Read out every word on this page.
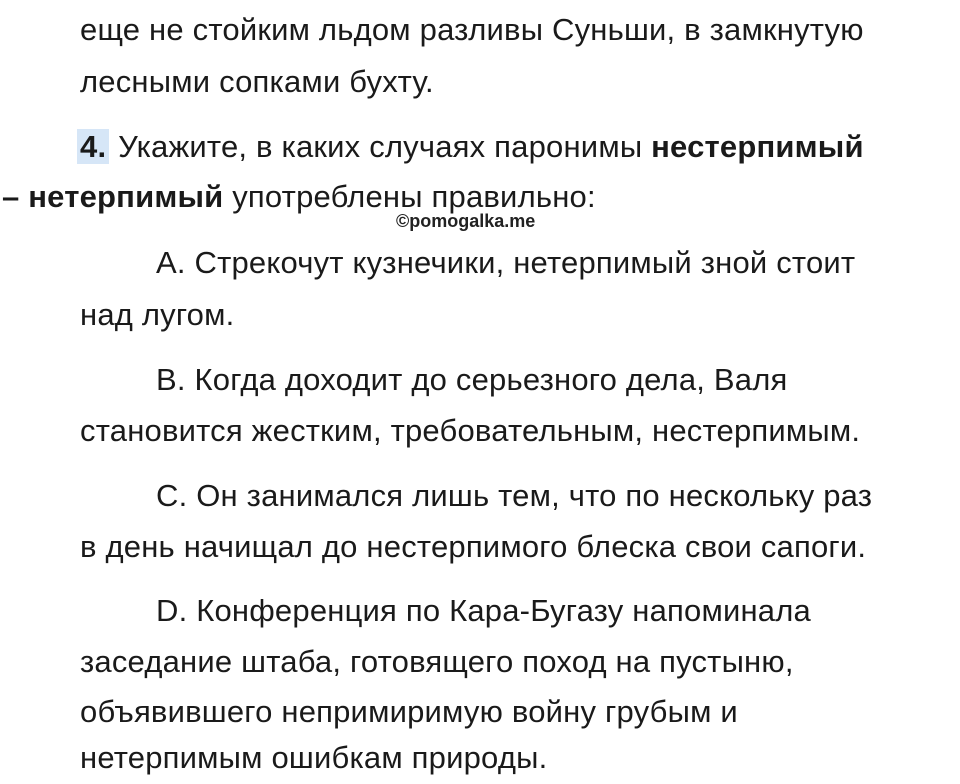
еще не стойким льдом разливы Суньши, в замкнутую
лесными сопками бухту.
4. Укажите, в каких случаях паронимы нестерпимый
– нетерпимый употреблены правильно:
©pomogalka.me
А. Стрекочут кузнечики, нетерпимый зной стоит
над лугом.
В. Когда доходит до серьезного дела, Валя
становится жестким, требовательным, нестерпимым.
С. Он занимался лишь тем, что по нескольку раз
в день начищал до нестерпимого блеска свои сапоги.
D. Конференция по Кара-Бугазу напоминала
заседание штаба, готовящего поход на пустыню,
объявившего непримиримую войну грубым и
нетерпимым ошибкам природы.
